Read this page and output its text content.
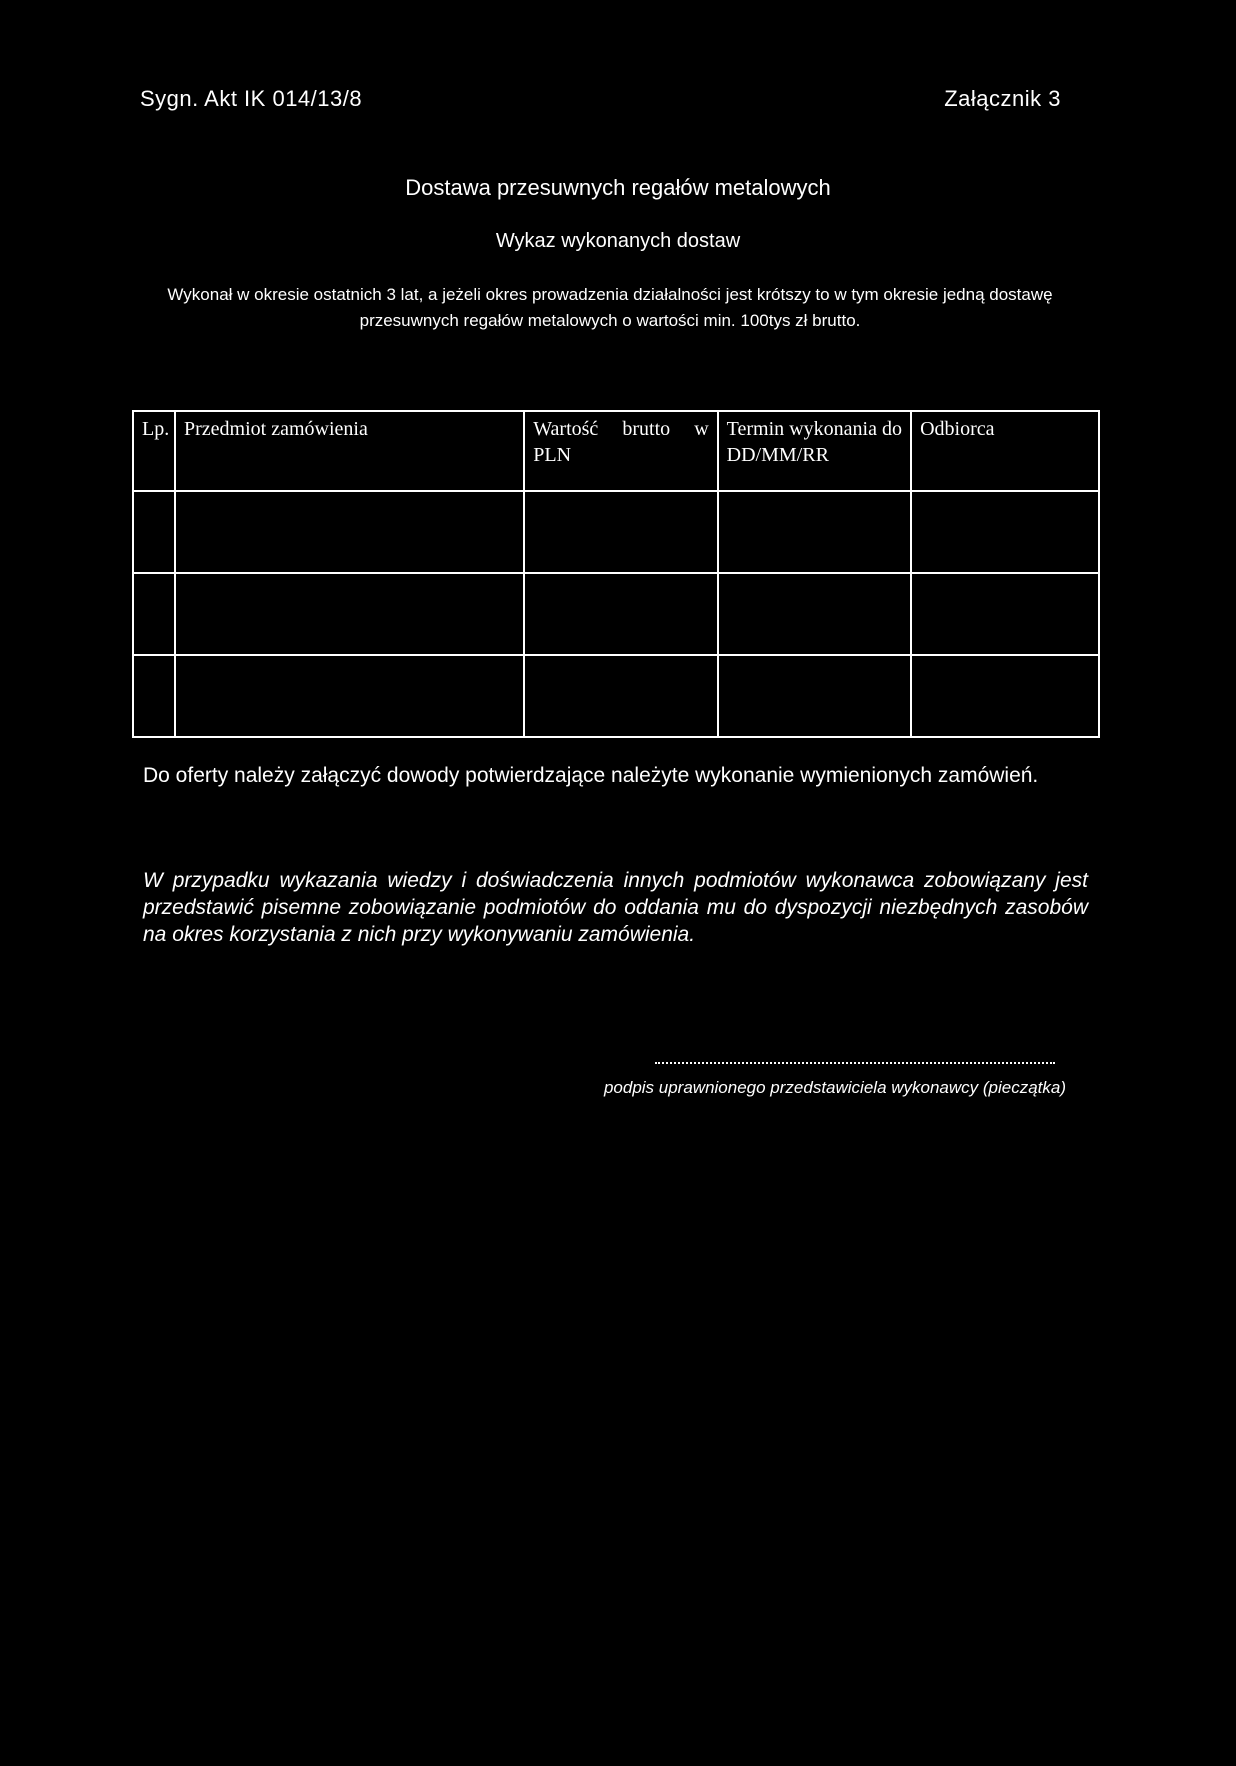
Sygn. Akt IK 014/13/8	Załącznik 3
Dostawa przesuwnych regałów metalowych
Wykaz wykonanych dostaw
Wykonał w okresie ostatnich 3 lat, a jeżeli okres prowadzenia działalności jest krótszy to w tym okresie jedną dostawę przesuwnych regałów metalowych o wartości min. 100tys zł brutto.
Lp.	Przedmiot zamówienia	Wartość brutto w PLN	Termin wykonania do DD/MM/RR	Odbiorca

Do oferty należy załączyć dowody potwierdzające należyte wykonanie wymienionych zamówień.
W przypadku wykazania wiedzy i doświadczenia innych podmiotów wykonawca zobowiązany jest przedstawić pisemne zobowiązanie podmiotów do oddania mu do dyspozycji niezbędnych zasobów na okres korzystania z nich przy wykonywaniu zamówienia.
podpis uprawnionego przedstawiciela wykonawcy (pieczątka)
